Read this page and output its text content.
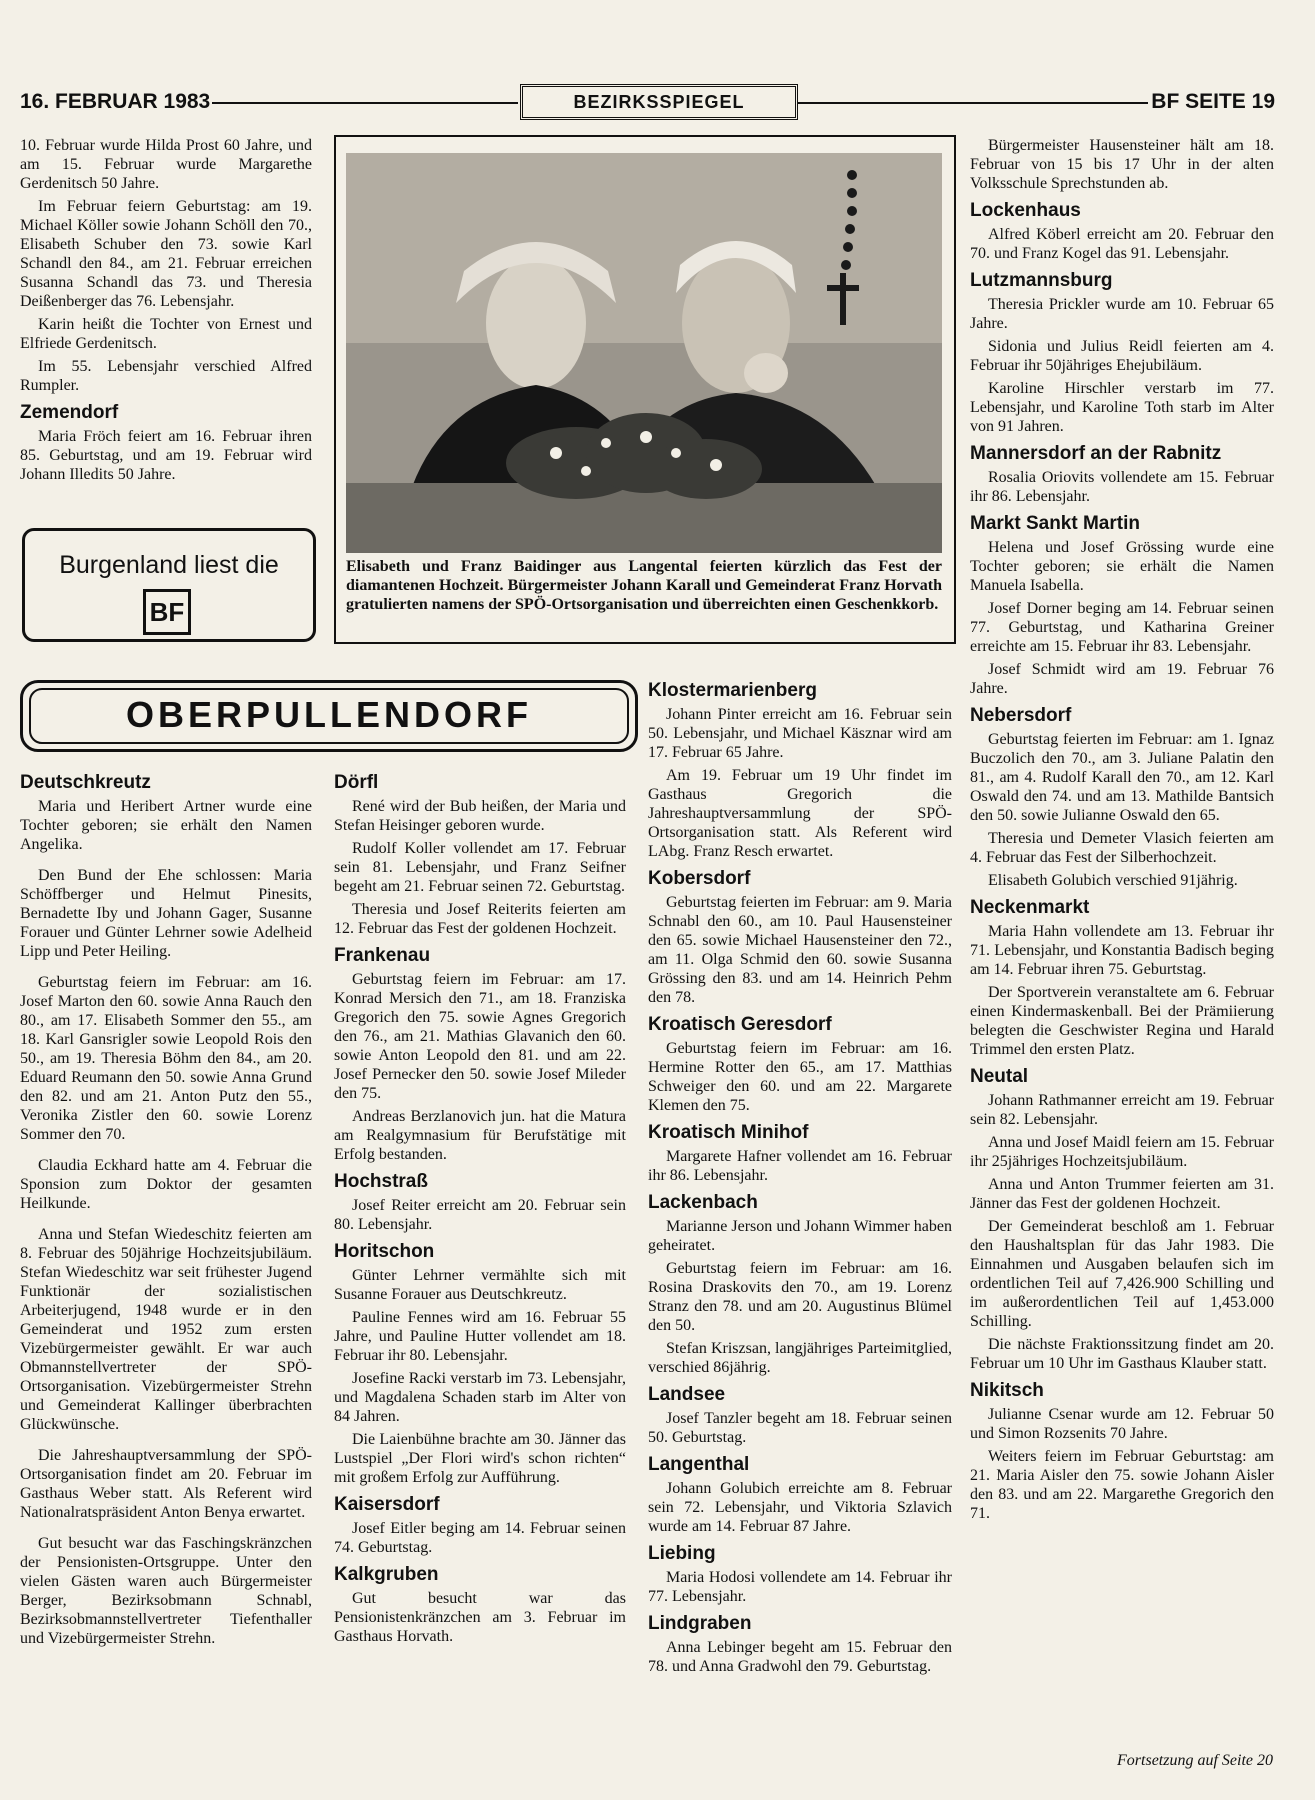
16. FEBRUAR 1983	BEZIRKSSPIEGEL	BF SEITE 19

10. Februar wurde Hilda Prost 60 Jahre, und am 15. Februar wurde Margarethe Gerdenitsch 50 Jahre.

Im Februar feiern Geburtstag: am 19. Michael Köller sowie Johann Schöll den 70., Elisabeth Schuber den 73. sowie Karl Schandl den 84., am 21. Februar erreichen Susanna Schandl das 73. und Theresia Deißenberger das 76. Lebensjahr.

Karin heißt die Tochter von Ernest und Elfriede Gerdenitsch.

Im 55. Lebensjahr verschied Alfred Rumpler.

Zemendorf

Maria Fröch feiert am 16. Februar ihren 85. Geburtstag, und am 19. Februar wird Johann Illedits 50 Jahre.

Burgenland liest die
BF
Elisabeth und Franz Baidinger aus Langental feierten kürzlich das Fest der diamantenen Hochzeit. Bürgermeister Johann Karall und Gemeinderat Franz Horvath gratulierten namens der SPÖ-Ortsorganisation und überreichten einen Geschenkkorb.
OBERPULLENDORF
Deutschkreutz

Maria und Heribert Artner wurde eine Tochter geboren; sie erhält den Namen Angelika.

Den Bund der Ehe schlossen: Maria Schöffberger und Helmut Pinesits, Bernadette Iby und Johann Gager, Susanne Forauer und Günter Lehrner sowie Adelheid Lipp und Peter Heiling.

Geburtstag feiern im Februar: am 16. Josef Marton den 60. sowie Anna Rauch den 80., am 17. Elisabeth Sommer den 55., am 18. Karl Gansrigler sowie Leopold Rois den 50., am 19. Theresia Böhm den 84., am 20. Eduard Reumann den 50. sowie Anna Grund den 82. und am 21. Anton Putz den 55., Veronika Zistler den 60. sowie Lorenz Sommer den 70.

Claudia Eckhard hatte am 4. Februar die Sponsion zum Doktor der gesamten Heilkunde.

Anna und Stefan Wiedeschitz feierten am 8. Februar des 50jährige Hochzeitsjubiläum. Stefan Wiedeschitz war seit frühester Jugend Funktionär der sozialistischen Arbeiterjugend, 1948 wurde er in den Gemeinderat und 1952 zum ersten Vizebürgermeister gewählt. Er war auch Obmannstellvertreter der SPÖ-Ortsorganisation. Vizebürgermeister Strehn und Gemeinderat Kallinger überbrachten Glückwünsche.

Die Jahreshauptversammlung der SPÖ-Ortsorganisation findet am 20. Februar im Gasthaus Weber statt. Als Referent wird Nationalratspräsident Anton Benya erwartet.

Gut besucht war das Faschingskränzchen der Pensionisten-Ortsgruppe. Unter den vielen Gästen waren auch Bürgermeister Berger, Bezirksobmann Schnabl, Bezirksobmannstellvertreter Tiefenthaller und Vizebürgermeister Strehn.

Dörfl

René wird der Bub heißen, der Maria und Stefan Heisinger geboren wurde.

Rudolf Koller vollendet am 17. Februar sein 81. Lebensjahr, und Franz Seifner begeht am 21. Februar seinen 72. Geburtstag.

Theresia und Josef Reiterits feierten am 12. Februar das Fest der goldenen Hochzeit.

Frankenau

Geburtstag feiern im Februar: am 17. Konrad Mersich den 71., am 18. Franziska Gregorich den 75. sowie Agnes Gregorich den 76., am 21. Mathias Glavanich den 60. sowie Anton Leopold den 81. und am 22. Josef Pernecker den 50. sowie Josef Mileder den 75.

Andreas Berzlanovich jun. hat die Matura am Realgymnasium für Berufstätige mit Erfolg bestanden.

Hochstraß

Josef Reiter erreicht am 20. Februar sein 80. Lebensjahr.

Horitschon

Günter Lehrner vermählte sich mit Susanne Forauer aus Deutschkreutz.

Pauline Fennes wird am 16. Februar 55 Jahre, und Pauline Hutter vollendet am 18. Februar ihr 80. Lebensjahr.

Josefine Racki verstarb im 73. Lebensjahr, und Magdalena Schaden starb im Alter von 84 Jahren.

Die Laienbühne brachte am 30. Jänner das Lustspiel „Der Flori wird's schon richten“ mit großem Erfolg zur Aufführung.

Kaisersdorf

Josef Eitler beging am 14. Februar seinen 74. Geburtstag.

Kalkgruben

Gut besucht war das Pensionistenkränzchen am 3. Februar im Gasthaus Horvath.

Klostermarienberg

Johann Pinter erreicht am 16. Februar sein 50. Lebensjahr, und Michael Käsznar wird am 17. Februar 65 Jahre.

Am 19. Februar um 19 Uhr findet im Gasthaus Gregorich die Jahreshauptversammlung der SPÖ-Ortsorganisation statt. Als Referent wird LAbg. Franz Resch erwartet.

Kobersdorf

Geburtstag feierten im Februar: am 9. Maria Schnabl den 60., am 10. Paul Hausensteiner den 65. sowie Michael Hausensteiner den 72., am 11. Olga Schmid den 60. sowie Susanna Grössing den 83. und am 14. Heinrich Pehm den 78.

Kroatisch Geresdorf

Geburtstag feiern im Februar: am 16. Hermine Rotter den 65., am 17. Matthias Schweiger den 60. und am 22. Margarete Klemen den 75.

Kroatisch Minihof

Margarete Hafner vollendet am 16. Februar ihr 86. Lebensjahr.

Lackenbach

Marianne Jerson und Johann Wimmer haben geheiratet.

Geburtstag feiern im Februar: am 16. Rosina Draskovits den 70., am 19. Lorenz Stranz den 78. und am 20. Augustinus Blümel den 50.

Stefan Kriszsan, langjähriges Parteimitglied, verschied 86jährig.

Landsee

Josef Tanzler begeht am 18. Februar seinen 50. Geburtstag.

Langenthal

Johann Golubich erreichte am 8. Februar sein 72. Lebensjahr, und Viktoria Szlavich wurde am 14. Februar 87 Jahre.

Liebing

Maria Hodosi vollendete am 14. Februar ihr 77. Lebensjahr.

Lindgraben

Anna Lebinger begeht am 15. Februar den 78. und Anna Gradwohl den 79. Geburtstag.

Bürgermeister Hausensteiner hält am 18. Februar von 15 bis 17 Uhr in der alten Volksschule Sprechstunden ab.

Lockenhaus

Alfred Köberl erreicht am 20. Februar den 70. und Franz Kogel das 91. Lebensjahr.

Lutzmannsburg

Theresia Prickler wurde am 10. Februar 65 Jahre.

Sidonia und Julius Reidl feierten am 4. Februar ihr 50jähriges Ehejubiläum.

Karoline Hirschler verstarb im 77. Lebensjahr, und Karoline Toth starb im Alter von 91 Jahren.

Mannersdorf an der Rabnitz

Rosalia Oriovits vollendete am 15. Februar ihr 86. Lebensjahr.

Markt Sankt Martin

Helena und Josef Grössing wurde eine Tochter geboren; sie erhält die Namen Manuela Isabella.

Josef Dorner beging am 14. Februar seinen 77. Geburtstag, und Katharina Greiner erreichte am 15. Februar ihr 83. Lebensjahr.

Josef Schmidt wird am 19. Februar 76 Jahre.

Nebersdorf

Geburtstag feierten im Februar: am 1. Ignaz Buczolich den 70., am 3. Juliane Palatin den 81., am 4. Rudolf Karall den 70., am 12. Karl Oswald den 74. und am 13. Mathilde Bantsich den 50. sowie Julianne Oswald den 65.

Theresia und Demeter Vlasich feierten am 4. Februar das Fest der Silberhochzeit.

Elisabeth Golubich verschied 91jährig.

Neckenmarkt

Maria Hahn vollendete am 13. Februar ihr 71. Lebensjahr, und Konstantia Badisch beging am 14. Februar ihren 75. Geburtstag.

Der Sportverein veranstaltete am 6. Februar einen Kindermaskenball. Bei der Prämiierung belegten die Geschwister Regina und Harald Trimmel den ersten Platz.

Neutal

Johann Rathmanner erreicht am 19. Februar sein 82. Lebensjahr.

Anna und Josef Maidl feiern am 15. Februar ihr 25jähriges Hochzeitsjubiläum.

Anna und Anton Trummer feierten am 31. Jänner das Fest der goldenen Hochzeit.

Der Gemeinderat beschloß am 1. Februar den Haushaltsplan für das Jahr 1983. Die Einnahmen und Ausgaben belaufen sich im ordentlichen Teil auf 7,426.900 Schilling und im außerordentlichen Teil auf 1,453.000 Schilling.

Die nächste Fraktionssitzung findet am 20. Februar um 10 Uhr im Gasthaus Klauber statt.

Nikitsch

Julianne Csenar wurde am 12. Februar 50 und Simon Rozsenits 70 Jahre.

Weiters feiern im Februar Geburtstag: am 21. Maria Aisler den 75. sowie Johann Aisler den 83. und am 22. Margarethe Gregorich den 71.

Fortsetzung auf Seite 20
